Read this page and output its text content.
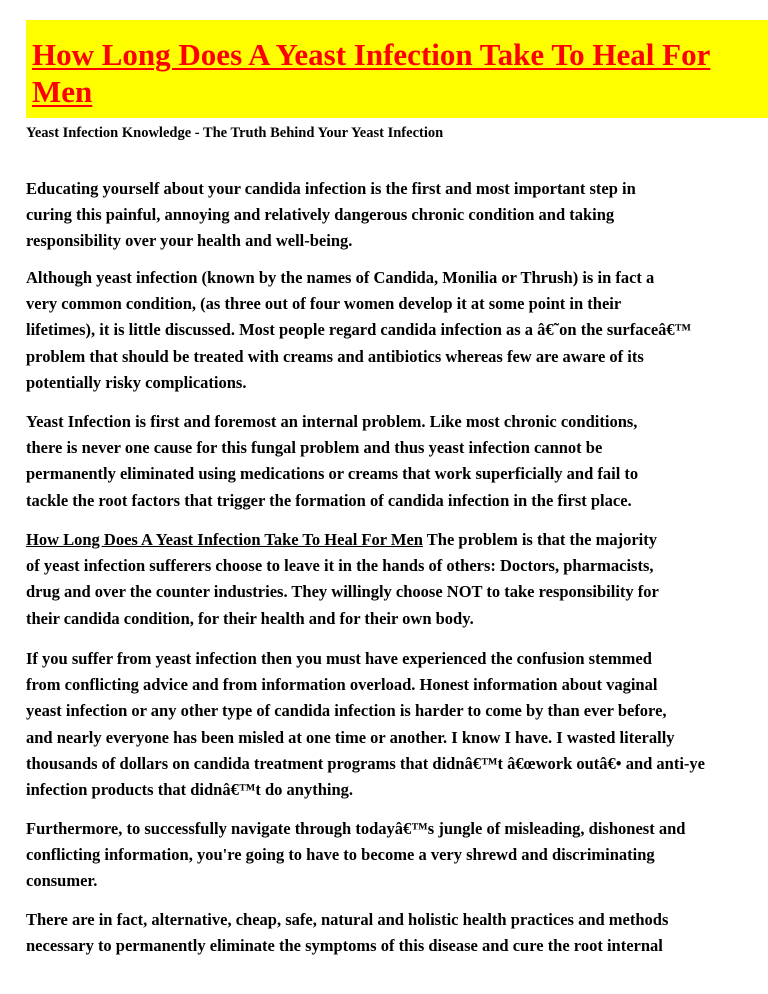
How Long Does A Yeast Infection Take To Heal For Men

Yeast Infection Knowledge - The Truth Behind Your Yeast Infection

Educating yourself about your candida infection is the first and most important step in
curing this painful, annoying and relatively dangerous chronic condition and taking
responsibility over your health and well-being.

Although yeast infection (known by the names of Candida, Monilia or Thrush) is in fact a
very common condition, (as three out of four women develop it at some point in their
lifetimes), it is little discussed. Most people regard candida infection as a â€˜on the surfaceâ€™
problem that should be treated with creams and antibiotics whereas few are aware of its
potentially risky complications.

Yeast Infection is first and foremost an internal problem. Like most chronic conditions,
there is never one cause for this fungal problem and thus yeast infection cannot be
permanently eliminated using medications or creams that work superficially and fail to
tackle the root factors that trigger the formation of candida infection in the first place.

How Long Does A Yeast Infection Take To Heal For Men The problem is that the majority
of yeast infection sufferers choose to leave it in the hands of others: Doctors, pharmacists,
drug and over the counter industries. They willingly choose NOT to take responsibility for
their candida condition, for their health and for their own body.

If you suffer from yeast infection then you must have experienced the confusion stemmed
from conflicting advice and from information overload. Honest information about vaginal
yeast infection or any other type of candida infection is harder to come by than ever before,
and nearly everyone has been misled at one time or another. I know I have. I wasted literally
thousands of dollars on candida treatment programs that didnâ€™t â€œwork outâ€• and anti-ye
infection products that didnâ€™t do anything.

Furthermore, to successfully navigate through todayâ€™s jungle of misleading, dishonest and
conflicting information, you're going to have to become a very shrewd and discriminating
consumer.

There are in fact, alternative, cheap, safe, natural and holistic health practices and methods
necessary to permanently eliminate the symptoms of this disease and cure the root internal
